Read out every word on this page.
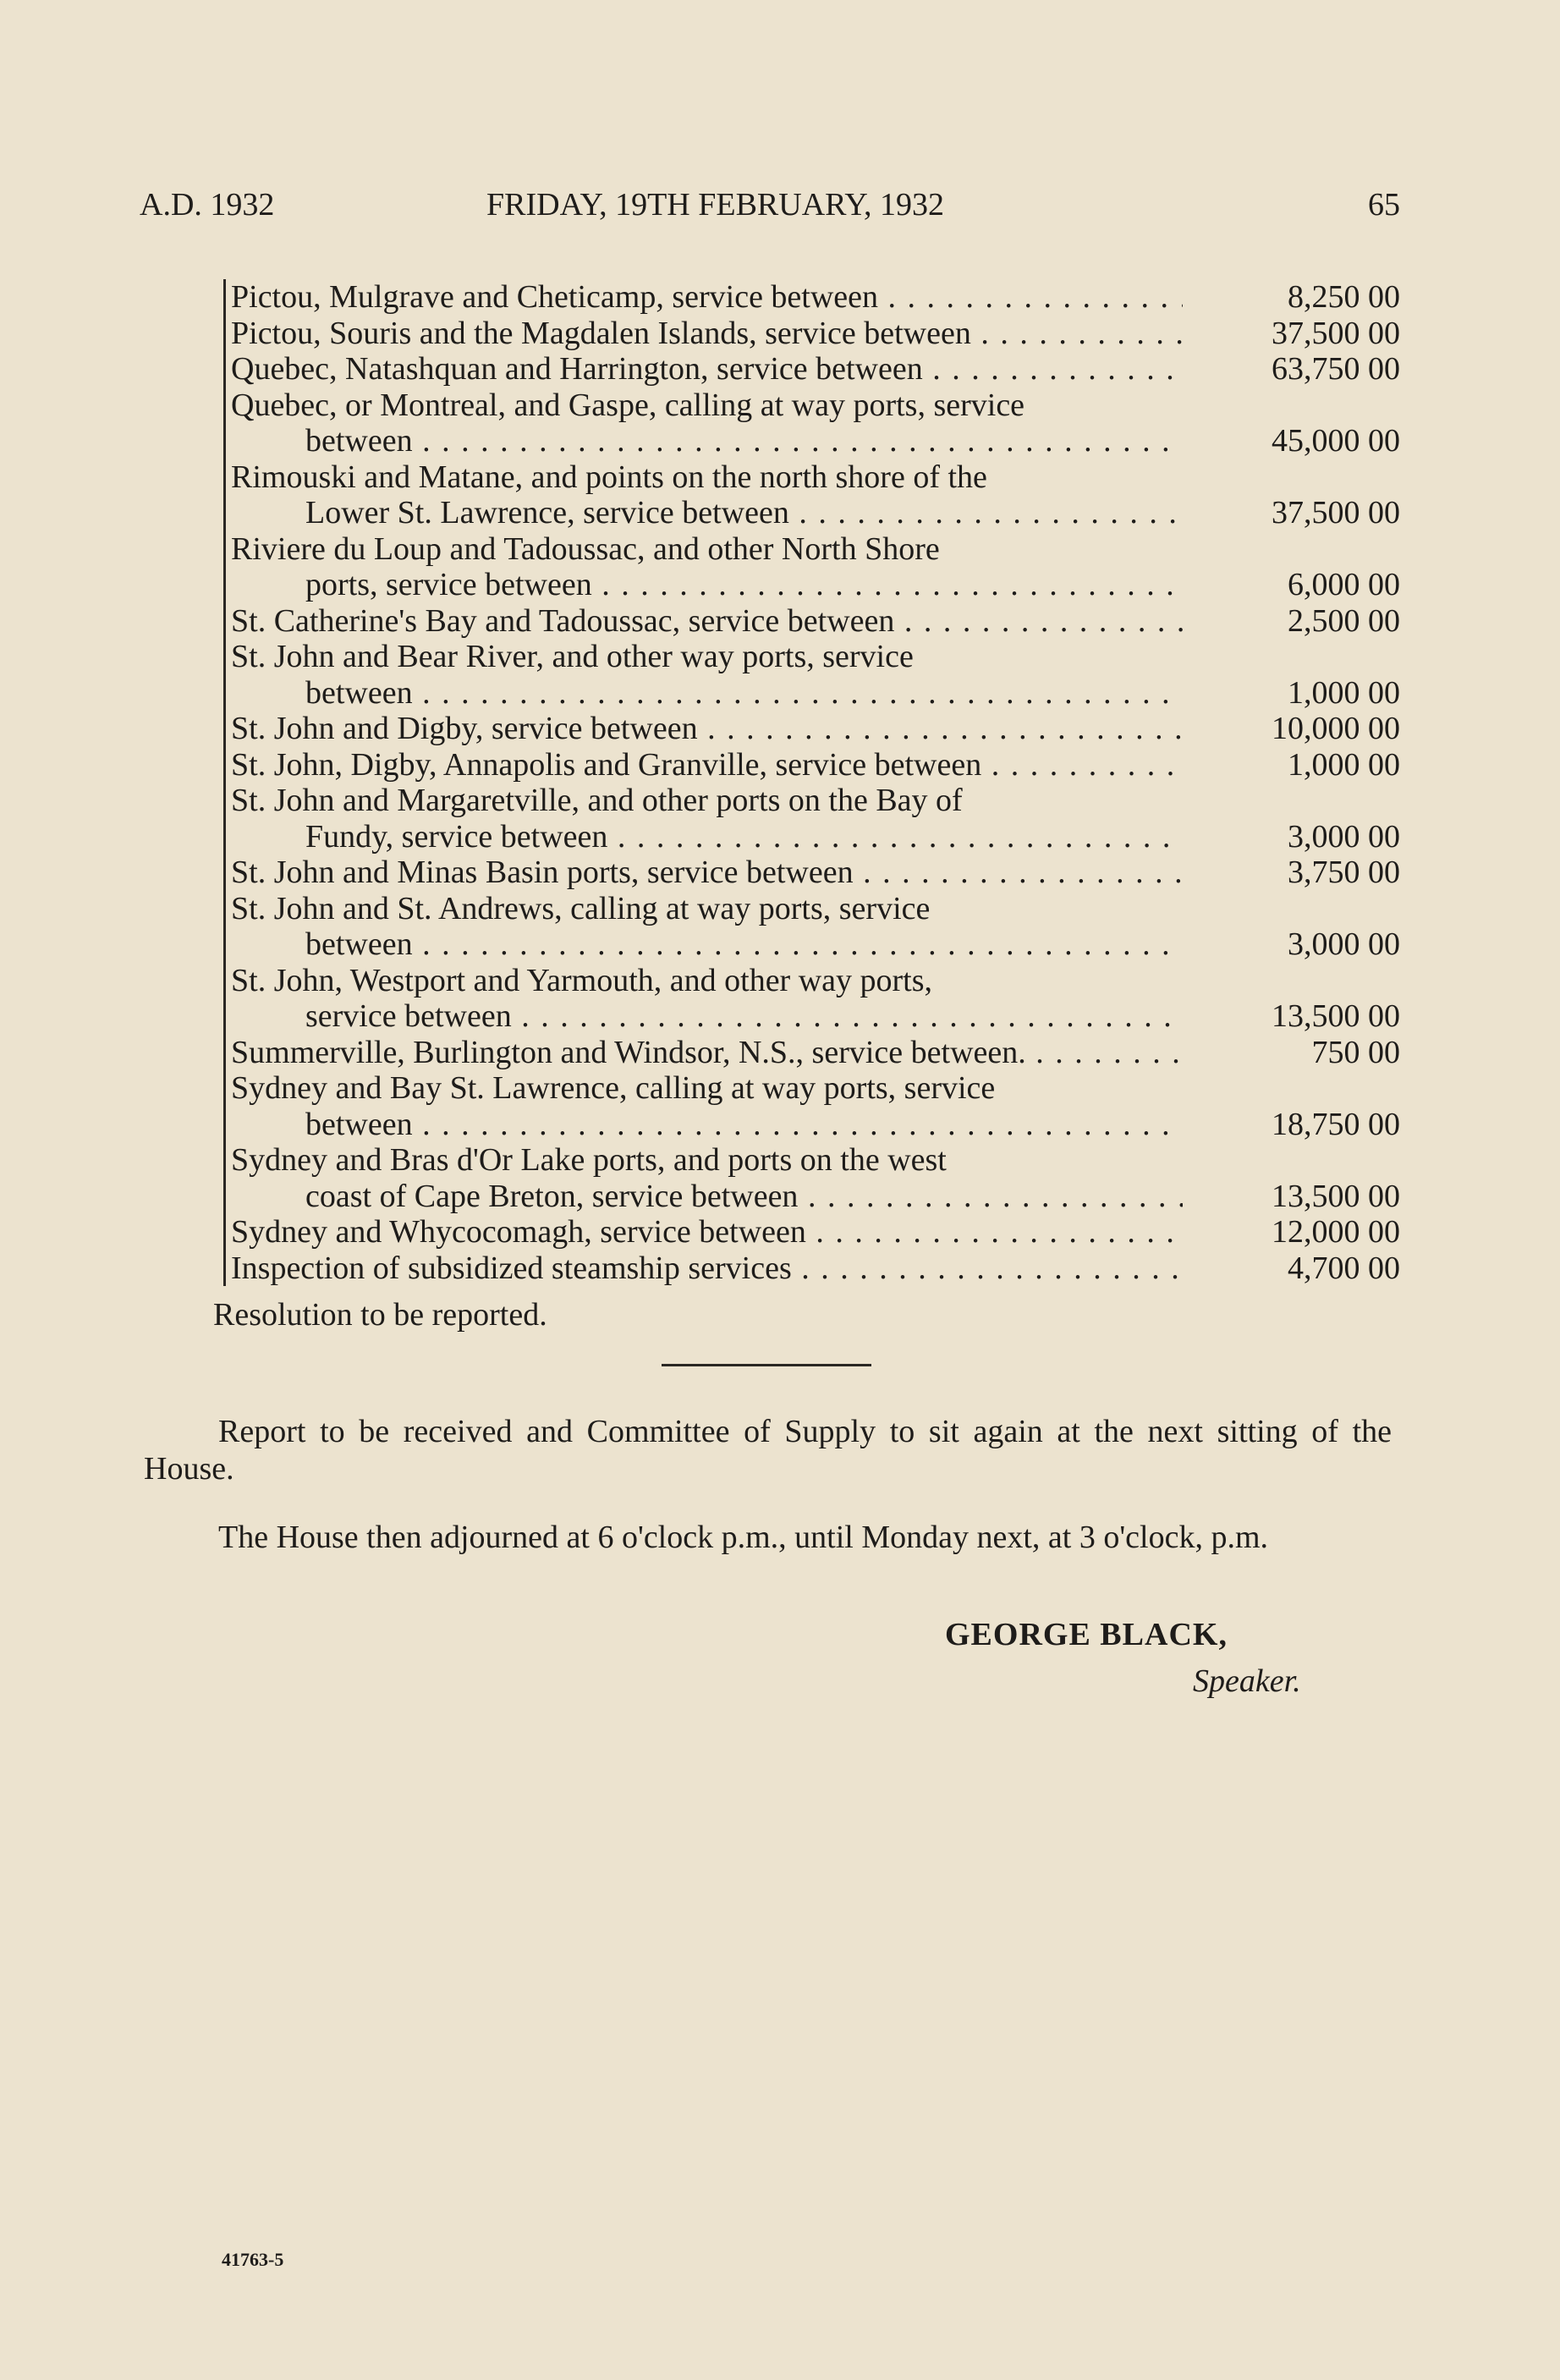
A.D. 1932	FRIDAY, 19TH FEBRUARY, 1932	65
Pictou, Mulgrave and Cheticamp, service between . . .	8,250 00
Pictou, Souris and the Magdalen Islands, service between . . .	37,500 00
Quebec, Natashquan and Harrington, service between . . .	63,750 00
Quebec, or Montreal, and Gaspe, calling at way ports, service
between . . .	45,000 00
Rimouski and Matane, and points on the north shore of the
Lower St. Lawrence, service between . . .	37,500 00
Riviere du Loup and Tadoussac, and other North Shore
ports, service between . . .	6,000 00
St. Catherine's Bay and Tadoussac, service between . . .	2,500 00
St. John and Bear River, and other way ports, service
between . . .	1,000 00
St. John and Digby, service between . . .	10,000 00
St. John, Digby, Annapolis and Granville, service between . . .	1,000 00
St. John and Margaretville, and other ports on the Bay of
Fundy, service between . . .	3,000 00
St. John and Minas Basin ports, service between . . .	3,750 00
St. John and St. Andrews, calling at way ports, service
between . . .	3,000 00
St. John, Westport and Yarmouth, and other way ports,
service between . . .	13,500 00
Summerville, Burlington and Windsor, N.S., service between. . . .	750 00
Sydney and Bay St. Lawrence, calling at way ports, service
between . . .	18,750 00
Sydney and Bras d'Or Lake ports, and ports on the west
coast of Cape Breton, service between . . .	13,500 00
Sydney and Whycocomagh, service between . . .	12,000 00
Inspection of subsidized steamship services . . .	4,700 00
Resolution to be reported.
Report to be received and Committee of Supply to sit again at the next sitting of the House.
The House then adjourned at 6 o'clock p.m., until Monday next, at 3 o'clock, p.m.
GEORGE BLACK,
Speaker.
41763-5
